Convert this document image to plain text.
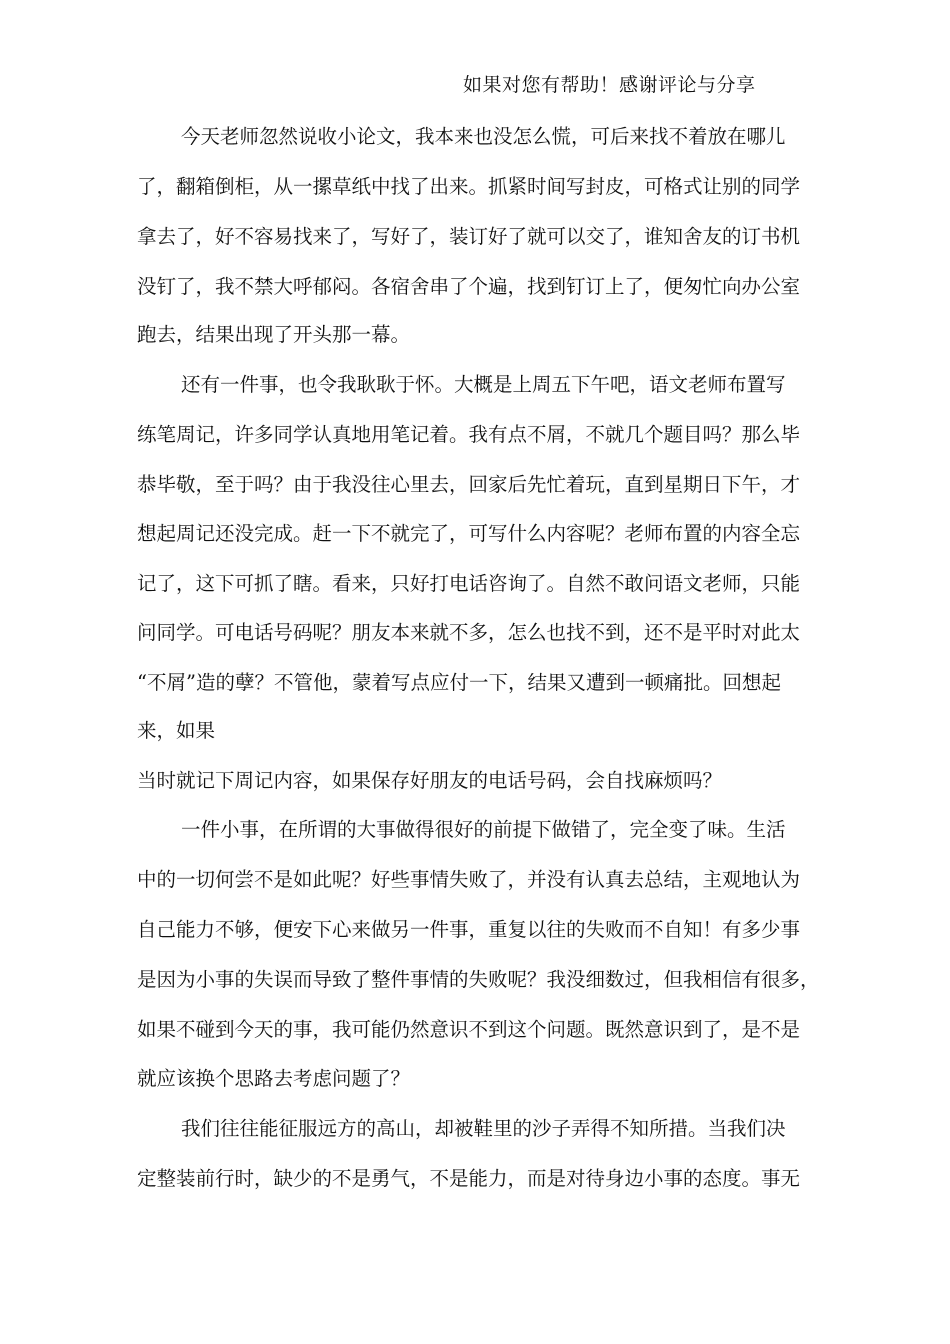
如果对您有帮助！感谢评论与分享

今天老师忽然说收小论文，我本来也没怎么慌，可后来找不着放在哪儿

了，翻箱倒柜，从一摞草纸中找了出来。抓紧时间写封皮，可格式让别的同学

拿去了，好不容易找来了，写好了，装订好了就可以交了，谁知舍友的订书机

没钉了，我不禁大呼郁闷。各宿舍串了个遍，找到钉订上了，便匆忙向办公室

跑去，结果出现了开头那一幕。

还有一件事，也令我耿耿于怀。大概是上周五下午吧，语文老师布置写

练笔周记，许多同学认真地用笔记着。我有点不屑，不就几个题目吗？那么毕

恭毕敬，至于吗？由于我没往心里去，回家后先忙着玩，直到星期日下午，才

想起周记还没完成。赶一下不就完了，可写什么内容呢？老师布置的内容全忘

记了，这下可抓了瞎。看来，只好打电话咨询了。自然不敢问语文老师，只能

问同学。可电话号码呢？朋友本来就不多，怎么也找不到，还不是平时对此太

“不屑”造的孽？不管他，蒙着写点应付一下，结果又遭到一顿痛批。回想起

来，如果

当时就记下周记内容，如果保存好朋友的电话号码，会自找麻烦吗？

一件小事，在所谓的大事做得很好的前提下做错了，完全变了味。生活

中的一切何尝不是如此呢？好些事情失败了，并没有认真去总结，主观地认为

自己能力不够，便安下心来做另一件事，重复以往的失败而不自知！有多少事

是因为小事的失误而导致了整件事情的失败呢？我没细数过，但我相信有很多，

如果不碰到今天的事，我可能仍然意识不到这个问题。既然意识到了，是不是

就应该换个思路去考虑问题了？

我们往往能征服远方的高山，却被鞋里的沙子弄得不知所措。当我们决

定整装前行时，缺少的不是勇气，不是能力，而是对待身边小事的态度。事无
